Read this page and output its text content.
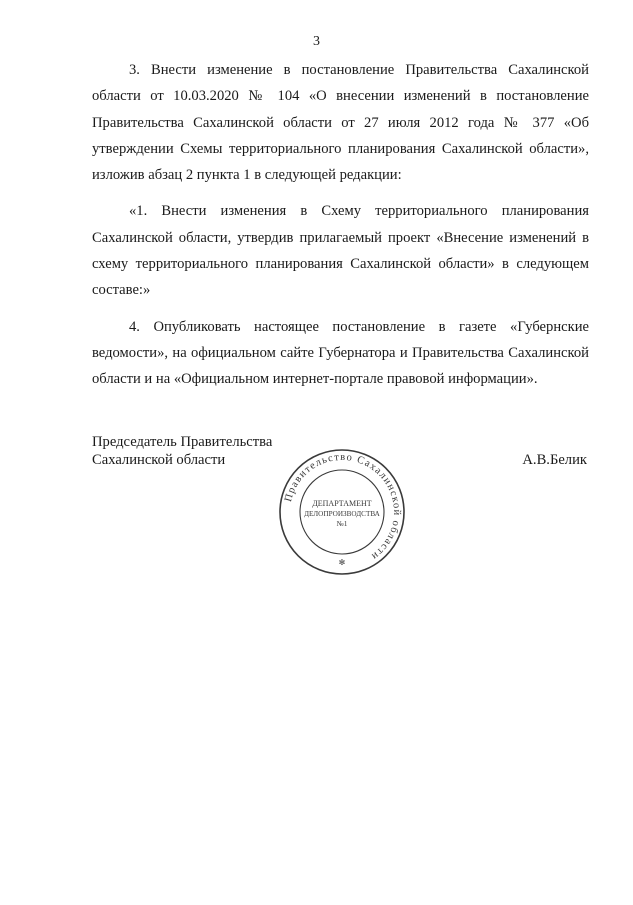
3

3. Внести изменение в постановление Правительства Сахалинской области от 10.03.2020 № 104 «О внесении изменений в постановление Правительства Сахалинской области от 27 июля 2012 года № 377 «Об утверждении Схемы территориального планирования Сахалинской области», изложив абзац 2 пункта 1 в следующей редакции:

«1. Внести изменения в Схему территориального планирования Сахалинской области, утвердив прилагаемый проект «Внесение изменений в схему территориального планирования Сахалинской области» в следующем составе:»

4. Опубликовать настоящее постановление в газете «Губернские ведомости», на официальном сайте Губернатора и Правительства Сахалинской области и на «Официальном интернет-портале правовой информации».

Председатель Правительства
Сахалинской области	А.В.Белик
Правительство Сахалинской области
ДЕПАРТАМЕНТ
ДЕЛОПРОИЗВОДСТВА
№1
✻
